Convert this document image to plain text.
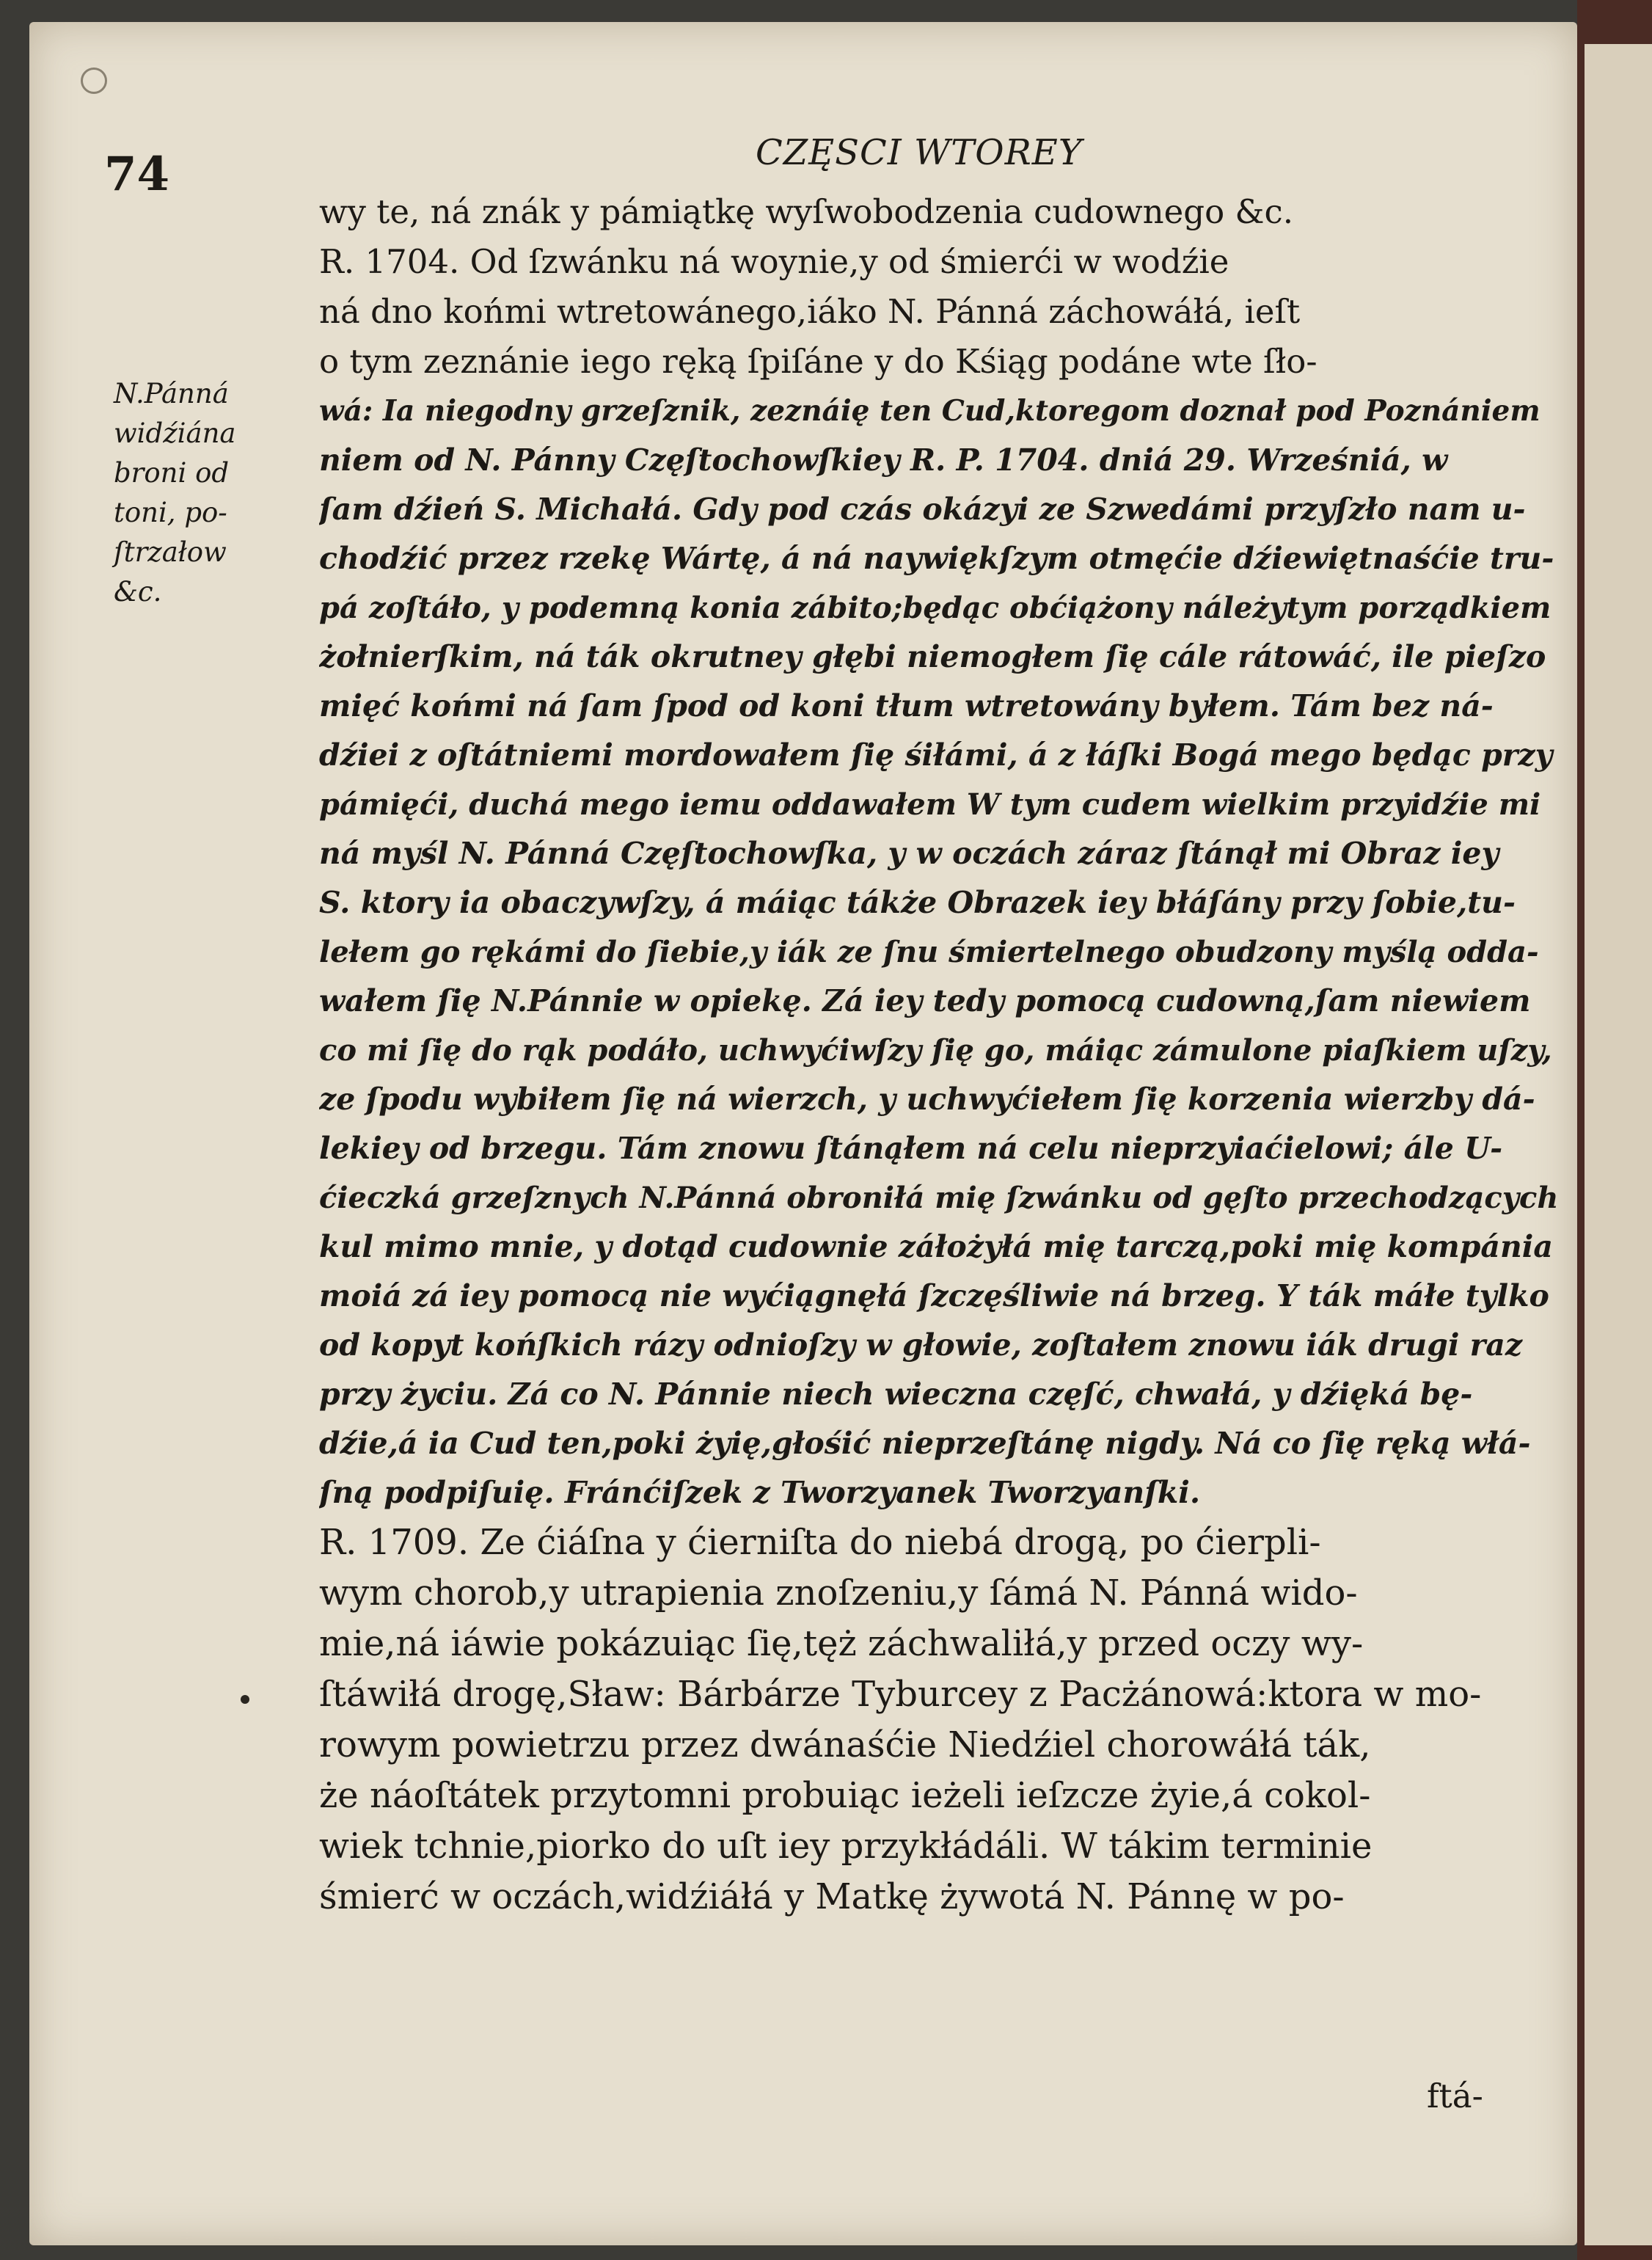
74	CZĘSCI WTOREY
N.Pánná
widźiána
broni od
toni, po-
ſtrzałow
&c.
wy te, ná znák y pámiątkę wyſwobodzenia cudownego &c.
R. 1704. Od ſzwánku ná woynie,y od śmierći w wodźie
ná dno końmi wtretowánego,iáko N. Pánná záchowáłá, ieſt
o tym zeznánie iego ręką ſpiſáne y do Kśiąg podáne wte ſło-
wá: Ia niegodny grzeſznik, zeznáię ten Cud,ktoregom doznał pod Poznániem
niem od N. Pánny Częſtochowſkiey R. P. 1704. dniá 29. Wrześniá, w
ſam dźień S. Michałá. Gdy pod czás okázyi ze Szwedámi przyſzło nam u-
chodźić przez rzekę Wártę, á ná naywiękſzym otmęćie dźiewiętnaśćie tru-
pá zoſtáło, y podemną konia zábito;będąc obćiążony náleżytym porządkiem
żołnierſkim, ná ták okrutney głębi niemogłem ſię cále rátowáć, ile pieſzo
mięć końmi ná ſam ſpod od koni tłum wtretowány byłem. Tám bez ná-
dźiei z oſtátniemi mordowałem ſię śiłámi, á z łáſki Bogá mego będąc przy
pámięći, duchá mego iemu oddawałem W tym cudem wielkim przyidźie mi
ná myśl N. Pánná Częſtochowſka, y w oczách záraz ſtánął mi Obraz iey
S. ktory ia obaczywſzy, á máiąc tákże Obrazek iey błáſány przy ſobie,tu-
lełem go rękámi do ſiebie,y iák ze ſnu śmiertelnego obudzony myślą odda-
wałem ſię N.Pánnie w opiekę. Zá iey tedy pomocą cudowną,ſam niewiem
co mi ſię do rąk podáło, uchwyćiwſzy ſię go, máiąc zámulone piaſkiem uſzy,
ze ſpodu wybiłem ſię ná wierzch, y uchwyćiełem ſię korzenia wierzby dá-
lekiey od brzegu. Tám znowu ſtánąłem ná celu nieprzyiaćielowi; ále U-
ćieczká grzeſznych N.Pánná obroniłá mię ſzwánku od gęſto przechodzących
kul mimo mnie, y dotąd cudownie záłożyłá mię tarczą,poki mię kompánia
moiá zá iey pomocą nie wyćiągnęłá ſzczęśliwie ná brzeg. Y ták máłe tylko
od kopyt końſkich rázy odnioſzy w głowie, zoſtałem znowu iák drugi raz
przy życiu. Zá co N. Pánnie niech wieczna częſć, chwałá, y dźięká bę-
dźie,á ia Cud ten,poki żyię,głośić nieprzeſtánę nigdy. Ná co ſię ręką włá-
ſną podpiſuię. Fránćiſzek z Tworzyanek Tworzyanſki.
R. 1709. Ze ćiáſna y ćierniſta do niebá drogą, po ćierpli-
wym chorob,y utrapienia znoſzeniu,y ſámá N. Pánná wido-
mie,ná iáwie pokázuiąc ſię,tęż záchwaliłá,y przed oczy wy-
ſtáwiłá drogę,Sław: Bárbárze Tyburcey z Pacżánowá:ktora w mo-
rowym powietrzu przez dwánaśćie Niedźiel chorowáłá ták,
że náoſtátek przytomni probuiąc ieżeli ieſzcze żyie,á cokol-
wiek tchnie,piorko do uſt iey przykłádáli. W tákim terminie
śmierć w oczách,widźiáłá y Matkę żywotá N. Pánnę w po-
ftá-
